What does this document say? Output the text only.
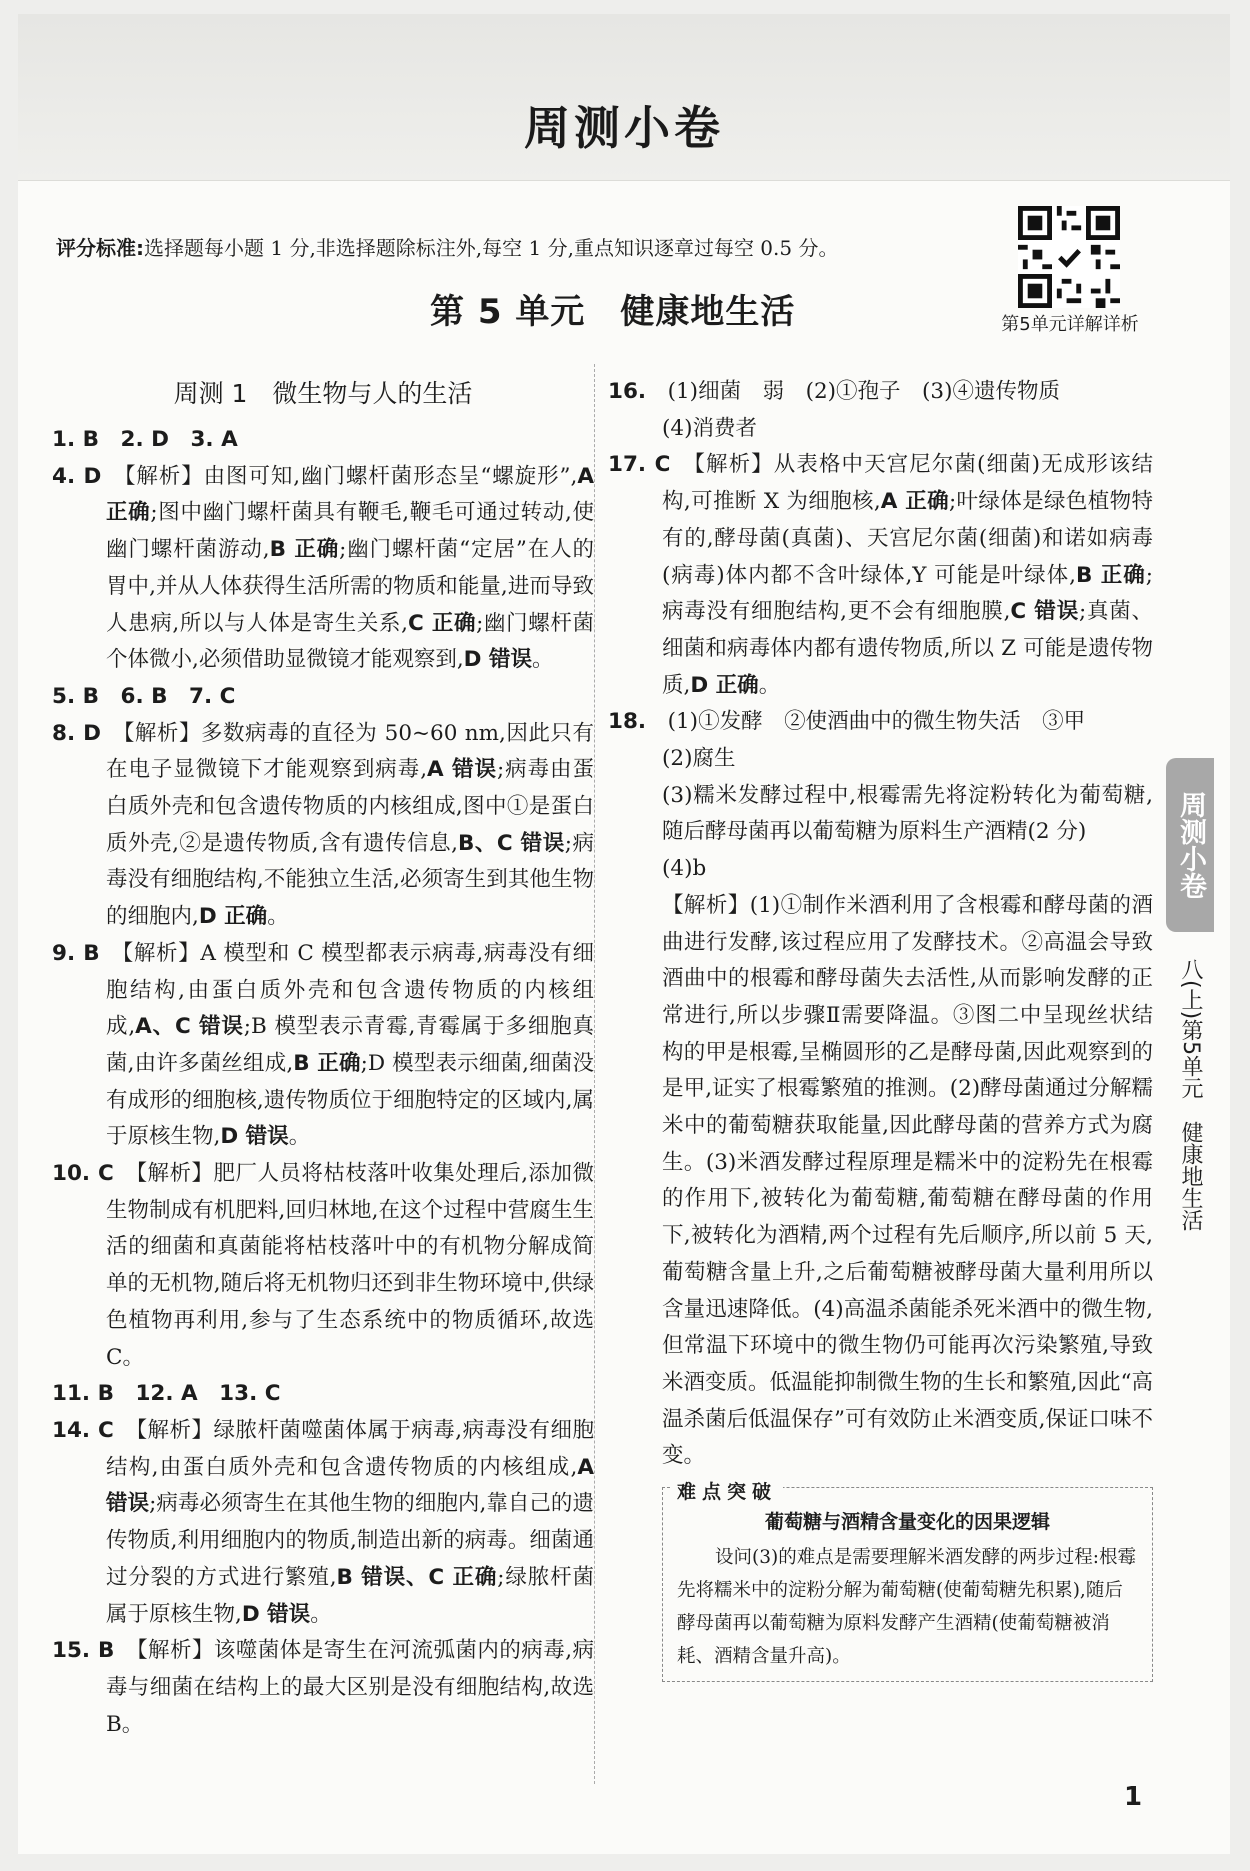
周测小卷
评分标准:选择题每小题 1 分,非选择题除标注外,每空 1 分,重点知识逐章过每空 0.5 分。
第5单元详解详析
第 5 单元　健康地生活
周测 1　微生物与人的生活

1. B　2. D　3. A

4. D　 【解析】由图可知,幽门螺杆菌形态呈“螺旋形”,A 正确;图中幽门螺杆菌具有鞭毛,鞭毛可通过转动,使幽门螺杆菌游动,B 正确;幽门螺杆菌“定居”在人的胃中,并从人体获得生活所需的物质和能量,进而导致人患病,所以与人体是寄生关系,C 正确;幽门螺杆菌个体微小,必须借助显微镜才能观察到,D 错误。

5. B　6. B　7. C

8. D　 【解析】多数病毒的直径为 50~60 nm,因此只有在电子显微镜下才能观察到病毒,A 错误;病毒由蛋白质外壳和包含遗传物质的内核组成,图中①是蛋白质外壳,②是遗传物质,含有遗传信息,B、C 错误;病毒没有细胞结构,不能独立生活,必须寄生到其他生物的细胞内,D 正确。

9. B　 【解析】A 模型和 C 模型都表示病毒,病毒没有细胞结构,由蛋白质外壳和包含遗传物质的内核组成,A、C 错误;B 模型表示青霉,青霉属于多细胞真菌,由许多菌丝组成,B 正确;D 模型表示细菌,细菌没有成形的细胞核,遗传物质位于细胞特定的区域内,属于原核生物,D 错误。

10. C　 【解析】肥厂人员将枯枝落叶收集处理后,添加微生物制成有机肥料,回归林地,在这个过程中营腐生生活的细菌和真菌能将枯枝落叶中的有机物分解成简单的无机物,随后将无机物归还到非生物环境中,供绿色植物再利用,参与了生态系统中的物质循环,故选 C。

11. B　12. A　13. C

14. C　 【解析】绿脓杆菌噬菌体属于病毒,病毒没有细胞结构,由蛋白质外壳和包含遗传物质的内核组成,A 错误;病毒必须寄生在其他生物的细胞内,靠自己的遗传物质,利用细胞内的物质,制造出新的病毒。细菌通过分裂的方式进行繁殖,B 错误、C 正确;绿脓杆菌属于原核生物,D 错误。

15. B　 【解析】该噬菌体是寄生在河流弧菌内的病毒,病毒与细菌在结构上的最大区别是没有细胞结构,故选 B。

16.　 (1)细菌　弱　(2)①孢子　(3)④遗传物质
(4)消费者

17. C　 【解析】从表格中天宫尼尔菌(细菌)无成形该结构,可推断 X 为细胞核,A 正确;叶绿体是绿色植物特有的,酵母菌(真菌)、天宫尼尔菌(细菌)和诺如病毒(病毒)体内都不含叶绿体,Y 可能是叶绿体,B 正确;病毒没有细胞结构,更不会有细胞膜,C 错误;真菌、细菌和病毒体内都有遗传物质,所以 Z 可能是遗传物质,D 正确。

18.　 (1)①发酵　②使酒曲中的微生物失活　③甲
(2)腐生
(3)糯米发酵过程中,根霉需先将淀粉转化为葡萄糖,随后酵母菌再以葡萄糖为原料生产酒精(2 分)
(4)b
【解析】(1)①制作米酒利用了含根霉和酵母菌的酒曲进行发酵,该过程应用了发酵技术。②高温会导致酒曲中的根霉和酵母菌失去活性,从而影响发酵的正常进行,所以步骤Ⅱ需要降温。③图二中呈现丝状结构的甲是根霉,呈椭圆形的乙是酵母菌,因此观察到的是甲,证实了根霉繁殖的推测。(2)酵母菌通过分解糯米中的葡萄糖获取能量,因此酵母菌的营养方式为腐生。(3)米酒发酵过程原理是糯米中的淀粉先在根霉的作用下,被转化为葡萄糖,葡萄糖在酵母菌的作用下,被转化为酒精,两个过程有先后顺序,所以前 5 天,葡萄糖含量上升,之后葡萄糖被酵母菌大量利用所以含量迅速降低。(4)高温杀菌能杀死米酒中的微生物,但常温下环境中的微生物仍可能再次污染繁殖,导致米酒变质。低温能抑制微生物的生长和繁殖,因此“高温杀菌后低温保存”可有效防止米酒变质,保证口味不变。

难点突破
葡萄糖与酒精含量变化的因果逻辑
设问(3)的难点是需要理解米酒发酵的两步过程:根霉先将糯米中的淀粉分解为葡萄糖(使葡萄糖先积累),随后酵母菌再以葡萄糖为原料发酵产生酒精(使葡萄糖被消耗、酒精含量升高)。
周测小卷
八(上)第5单元　健康地生活
1
